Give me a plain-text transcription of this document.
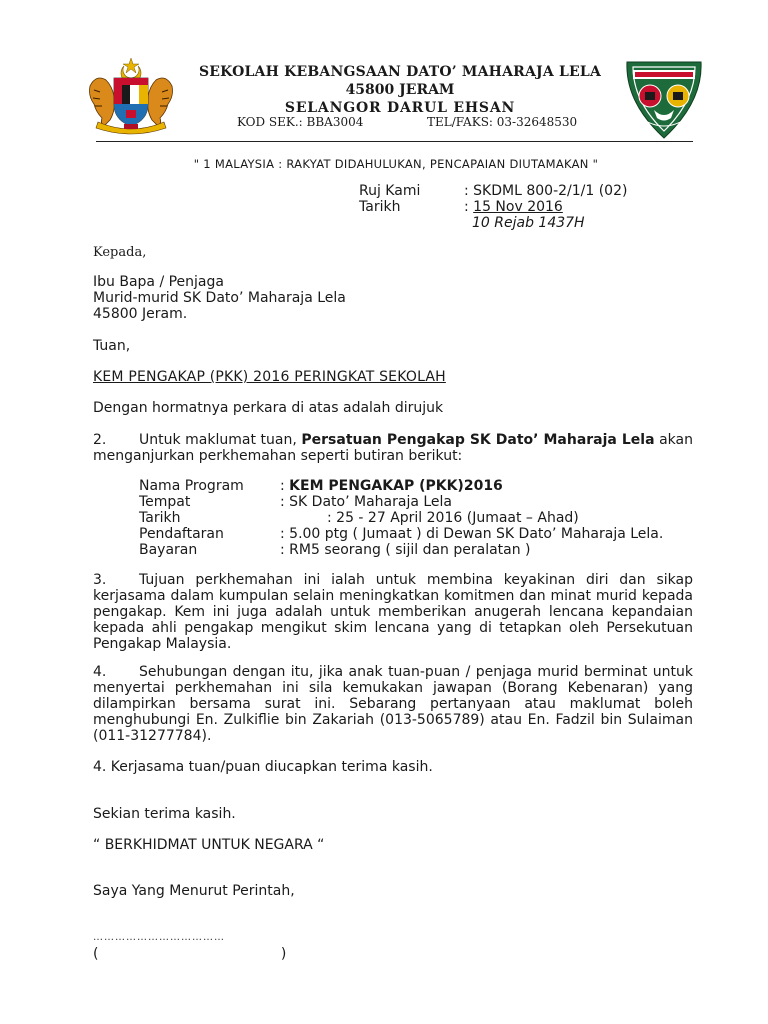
SEKOLAH KEBANGSAAN DATO’ MAHARAJA LELA
45800 JERAM
SELANGOR DARUL EHSAN
KOD SEK.: BBA3004	TEL/FAKS: 03-32648530
" 1 MALAYSIA : RAKYAT DIDAHULUKAN, PENCAPAIAN DIUTAMAKAN "
Ruj Kami	: SKDML 800-2/1/1 (02)
Tarikh	: 15 Nov 2016
10 Rejab 1437H
Kepada,
Ibu Bapa / Penjaga
Murid-murid SK Dato’ Maharaja Lela
45800 Jeram.
Tuan,
KEM PENGAKAP (PKK) 2016 PERINGKAT SEKOLAH
Dengan hormatnya perkara di atas adalah dirujuk
2. Untuk maklumat tuan, Persatuan Pengakap SK Dato’ Maharaja Lela akan menganjurkan perkhemahan seperti butiran berikut:
Nama Program	: KEM PENGAKAP (PKK)2016
Tempat	: SK Dato’ Maharaja Lela
Tarikh	: 25 - 27 April 2016 (Jumaat – Ahad)
Pendaftaran	: 5.00 ptg ( Jumaat ) di Dewan SK Dato’ Maharaja Lela.
Bayaran	: RM5 seorang ( sijil dan peralatan )
3. Tujuan perkhemahan ini ialah untuk membina keyakinan diri dan sikap kerjasama dalam kumpulan selain meningkatkan komitmen dan minat murid kepada pengakap. Kem ini juga adalah untuk memberikan anugerah lencana kepandaian kepada ahli pengakap mengikut skim lencana yang di tetapkan oleh Persekutuan Pengakap Malaysia.
4. Sehubungan dengan itu, jika anak tuan-puan / penjaga murid berminat untuk menyertai perkhemahan ini sila kemukakan jawapan (Borang Kebenaran) yang dilampirkan bersama surat ini. Sebarang pertanyaan atau maklumat boleh menghubungi En. Zulkiflie bin Zakariah (013-5065789) atau En. Fadzil bin Sulaiman (011-31277784).
4. Kerjasama tuan/puan diucapkan terima kasih.
Sekian terima kasih.
“ BERKHIDMAT UNTUK NEGARA “
Saya Yang Menurut Perintah,
………………………………
(                                         )
